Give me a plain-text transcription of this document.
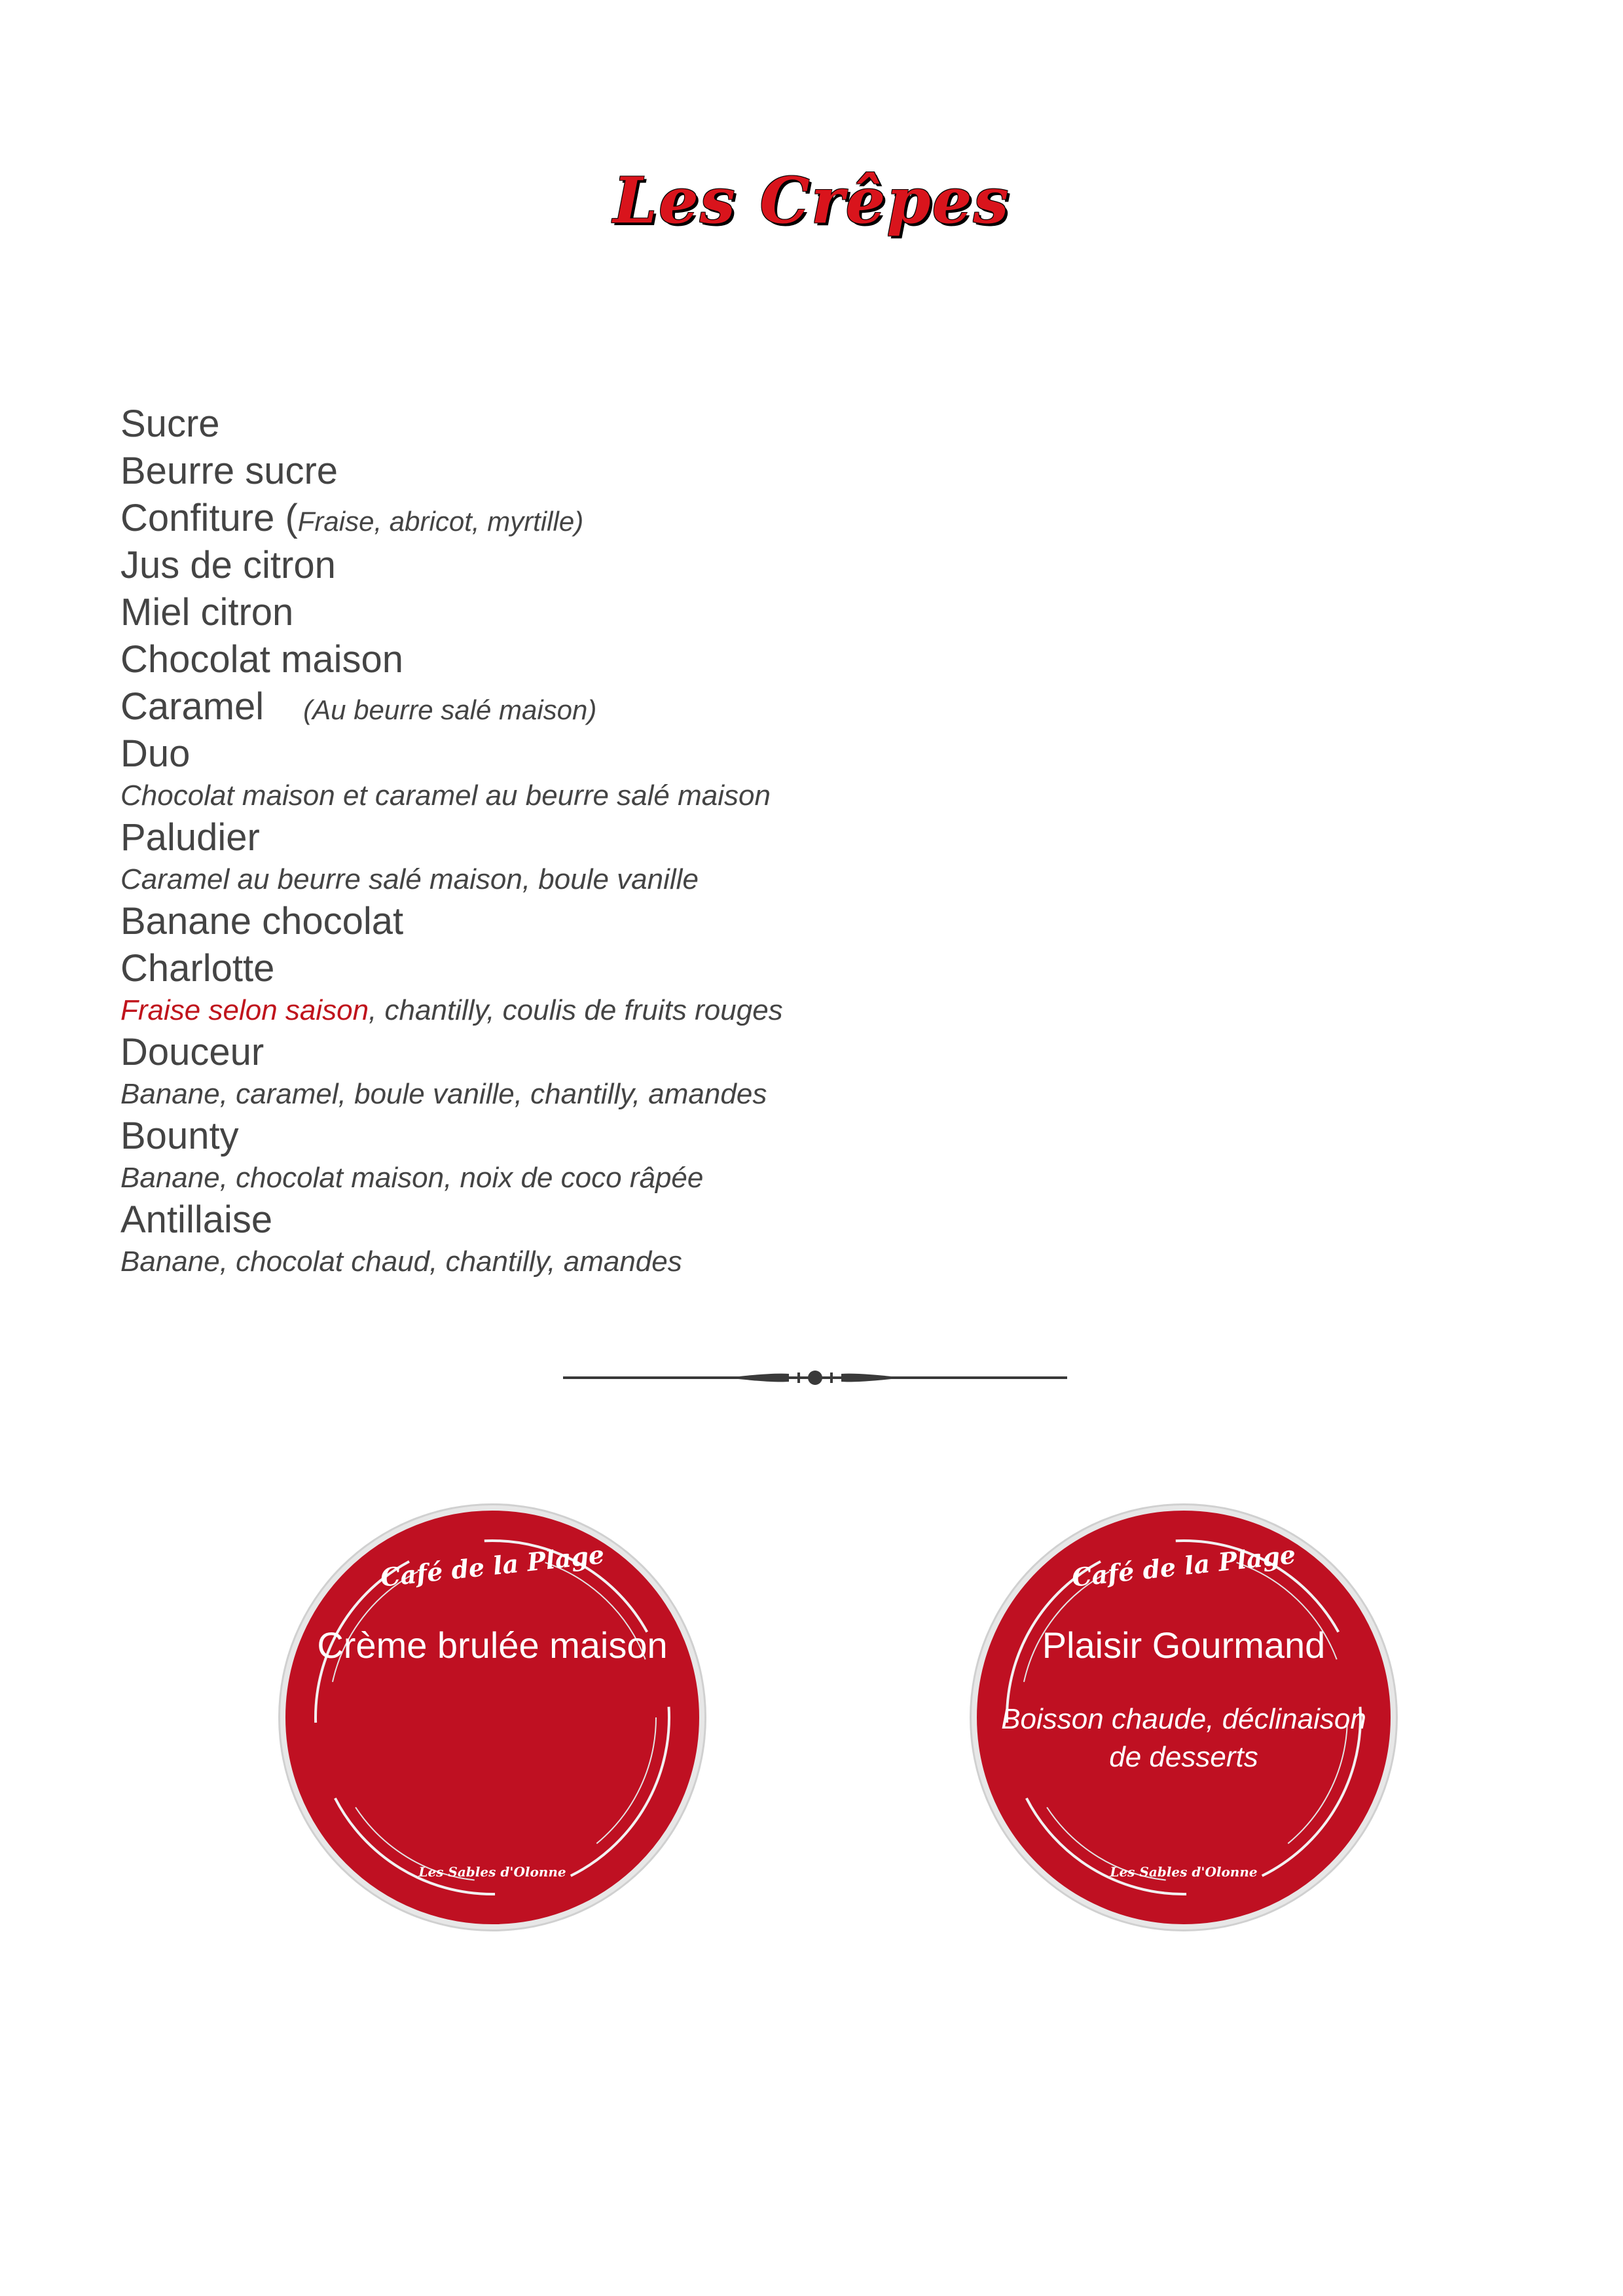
Les Crêpes
Sucre
Beurre sucre
Confiture (Fraise, abricot, myrtille)
Jus de citron
Miel citron
Chocolat maison
Caramel (Au beurre salé maison)
Duo
Chocolat maison et caramel au beurre salé maison
Paludier
Caramel au beurre salé maison, boule vanille
Banane chocolat
Charlotte
Fraise selon saison, chantilly, coulis de fruits rouges
Douceur
Banane, caramel, boule vanille, chantilly, amandes
Bounty
Banane, chocolat maison, noix de coco râpée
Antillaise
Banane, chocolat chaud, chantilly, amandes
Café de la Plage
Crème brulée maison
Les Sables d'Olonne
Café de la Plage
Plaisir Gourmand
Boisson chaude, déclinaison de desserts
Les Sables d'Olonne
